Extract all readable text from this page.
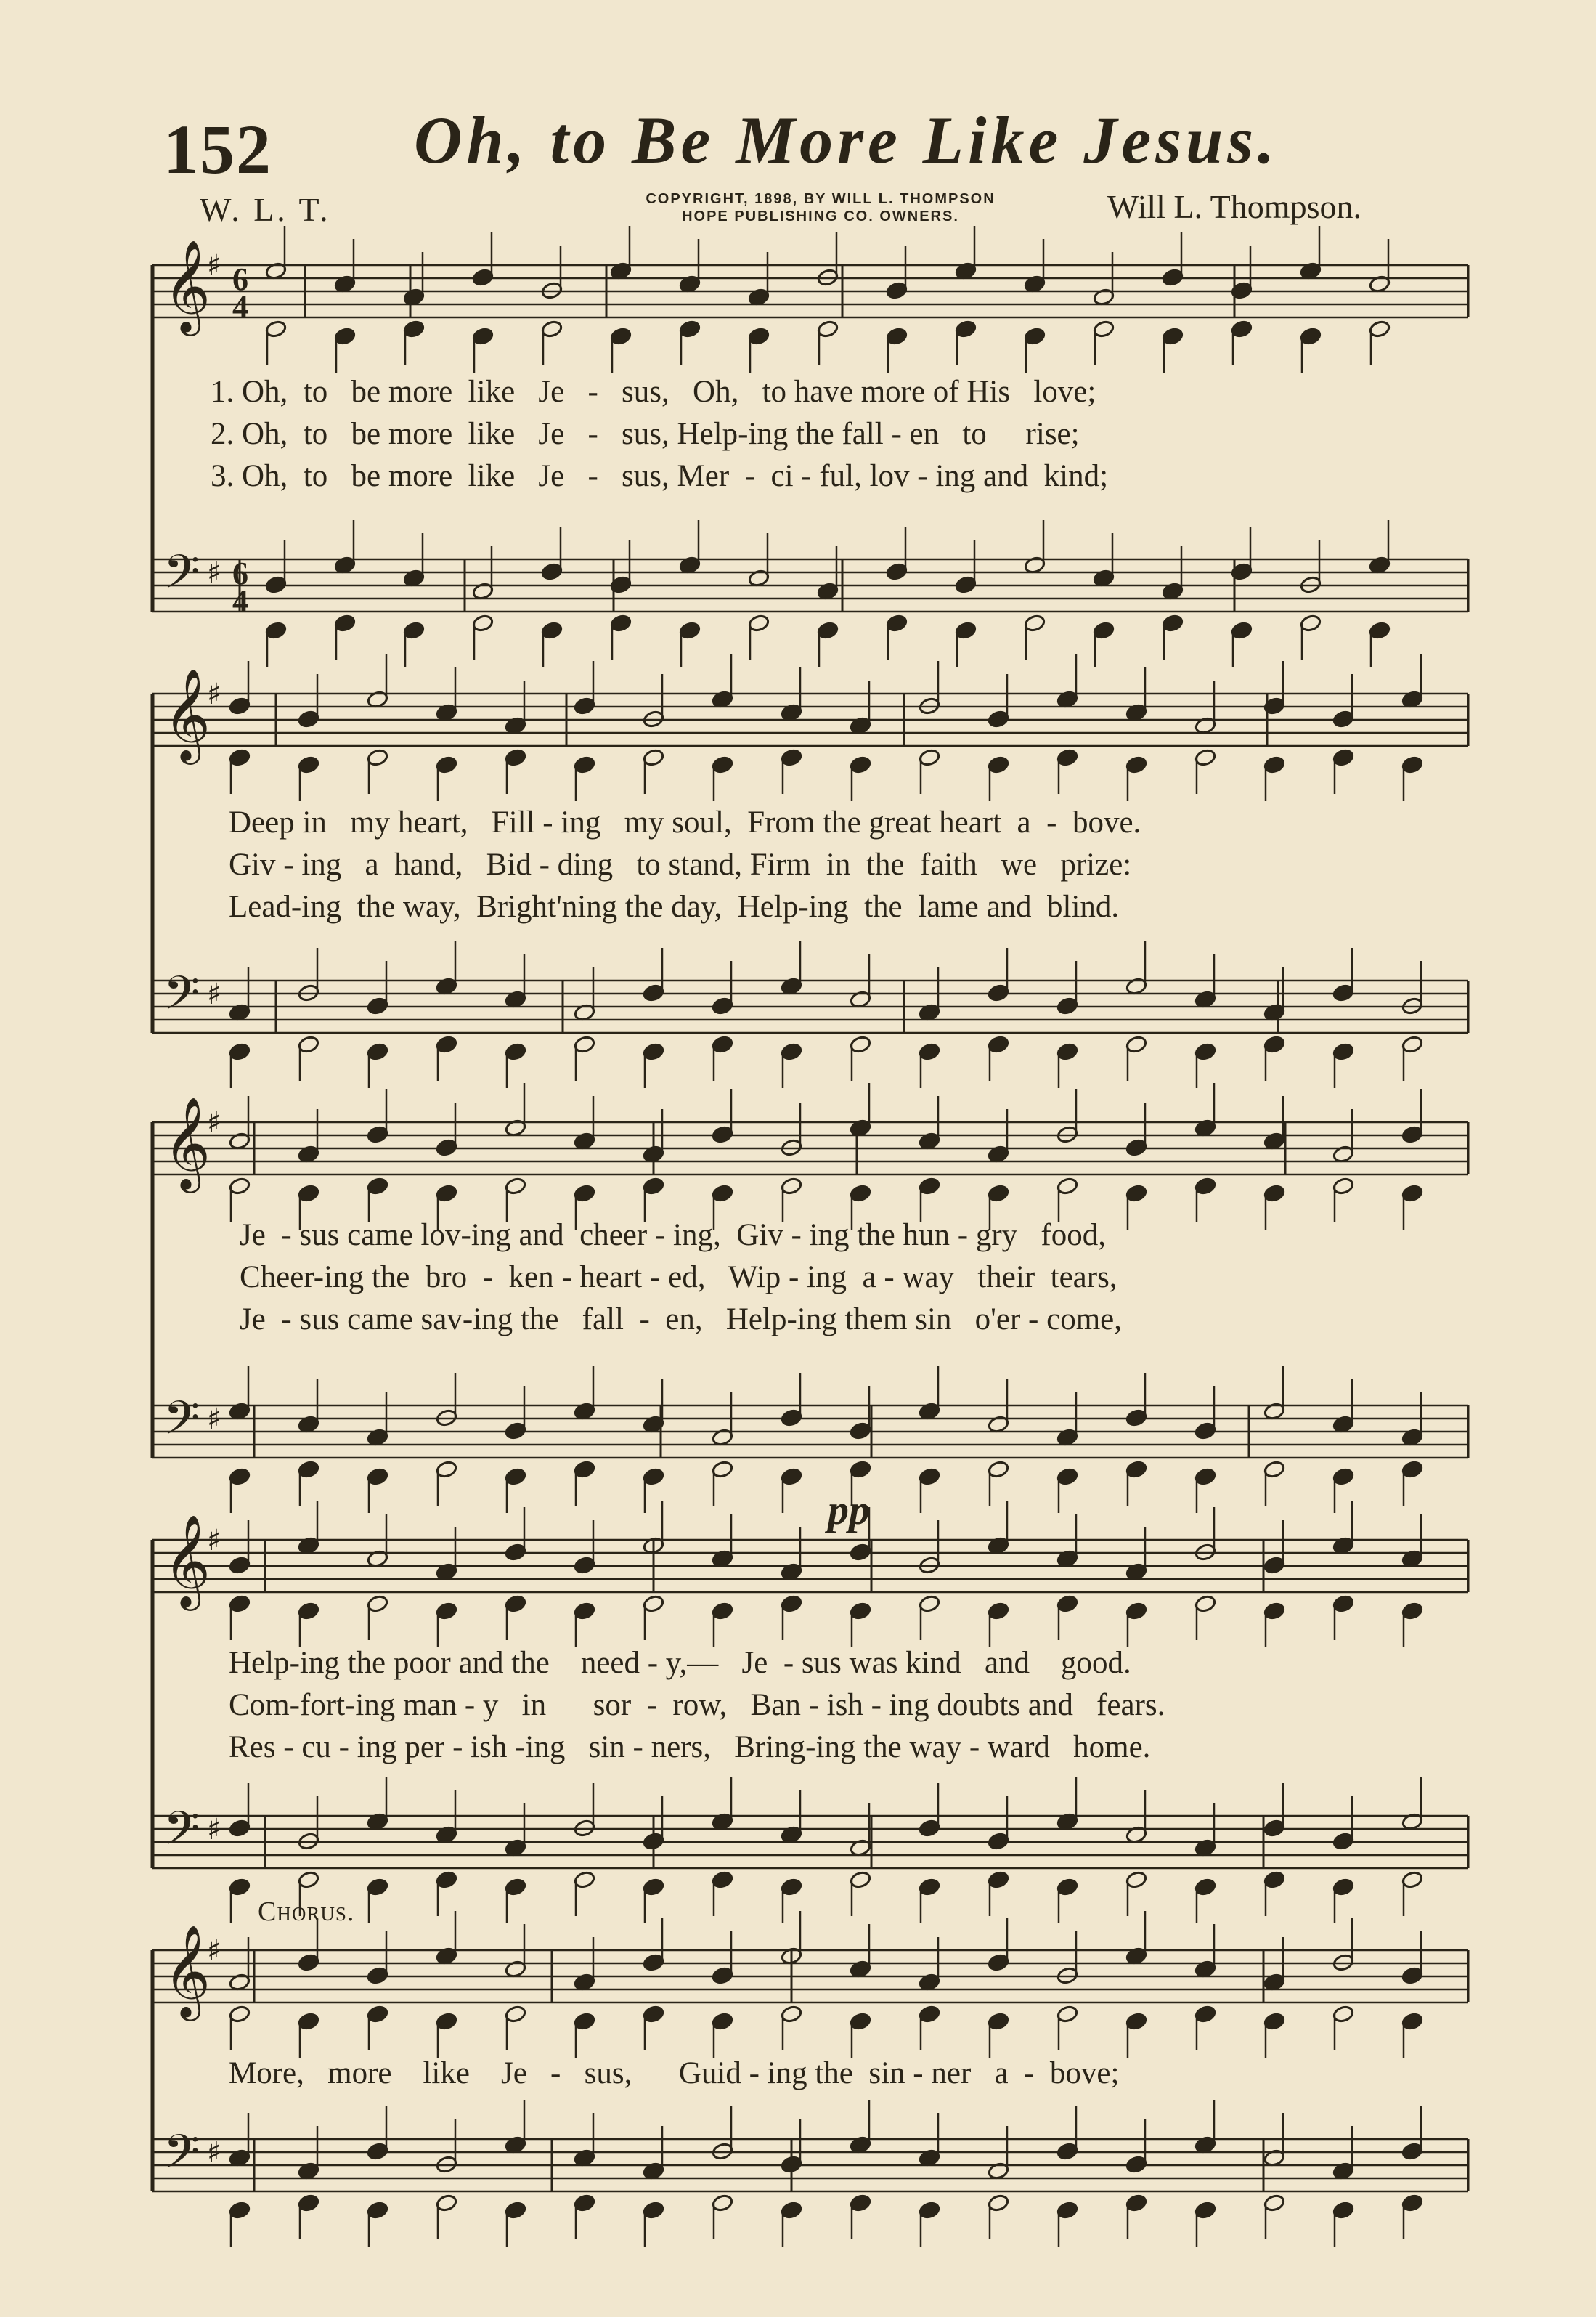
152 Oh, to Be More Like Jesus.
W. L. T.	COPYRIGHT, 1898, BY WILL L. THOMPSON
HOPE PUBLISHING CO. OWNERS.	Will L. Thompson.
𝄞
♯ 6
4
𝄢 ♯ 6
4
𝄞
♯
𝄢 ♯
𝄞
♯
𝄢 ♯
𝄞
♯
𝄢 ♯
𝄞
♯
𝄢 ♯
pp
Chorus.
1. Oh,  to   be more  like   Je   -   sus,   Oh,   to have more of His   love;
2. Oh,  to   be more  like   Je   -   sus, Help-ing the fall - en   to     rise;
3. Oh,  to   be more  like   Je   -   sus, Mer  -  ci - ful, lov - ing and  kind;
Deep in   my heart,   Fill - ing   my soul,  From the great heart  a  -  bove.
Giv - ing   a  hand,   Bid - ding   to stand, Firm  in  the  faith   we   prize:
Lead-ing  the way,  Bright'ning the day,  Help-ing  the  lame and  blind.
Je  - sus came lov-ing and  cheer - ing,  Giv - ing the hun - gry   food,
Cheer-ing the  bro  -  ken - heart - ed,   Wip - ing  a - way   their  tears,
Je  - sus came sav-ing the   fall  -  en,   Help-ing them sin   o'er - come,
Help-ing the poor and the    need - y,—   Je  - sus was kind   and    good.
Com-fort-ing man - y   in      sor  -  row,   Ban - ish - ing doubts and   fears.
Res - cu - ing per - ish -ing   sin - ners,   Bring-ing the way - ward   home.
More,   more    like    Je   -   sus,      Guid - ing the  sin - ner   a  -  bove;
